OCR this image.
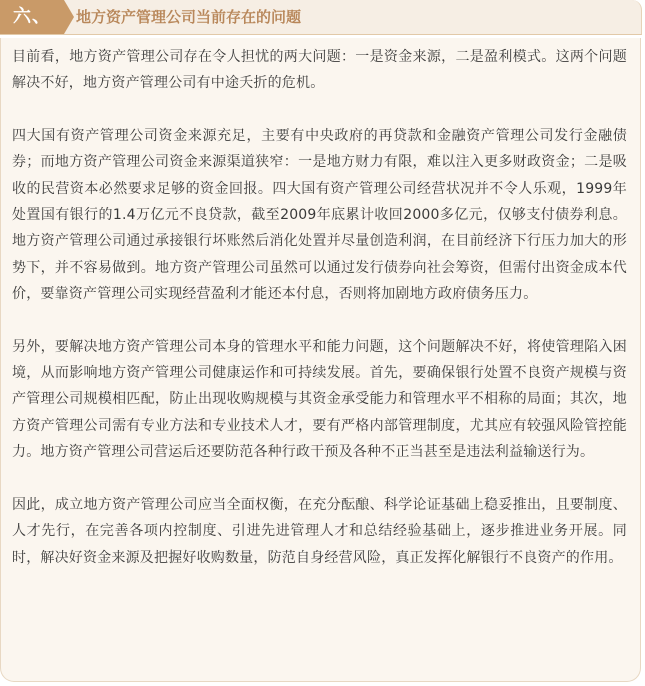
六、	地方资产管理公司当前存在的问题

目前看，地方资产管理公司存在令人担忧的两大问题：一是资金来源，二是盈利模式。这两个问题解决不好，地方资产管理公司有中途夭折的危机。

四大国有资产管理公司资金来源充足，主要有中央政府的再贷款和金融资产管理公司发行金融债券；而地方资产管理公司资金来源渠道狭窄：一是地方财力有限，难以注入更多财政资金；二是吸收的民营资本必然要求足够的资金回报。四大国有资产管理公司经营状况并不令人乐观，1999年处置国有银行的1.4万亿元不良贷款，截至2009年底累计收回2000多亿元，仅够支付债券利息。地方资产管理公司通过承接银行坏账然后消化处置并尽量创造利润，在目前经济下行压力加大的形势下，并不容易做到。地方资产管理公司虽然可以通过发行债券向社会筹资，但需付出资金成本代价，要靠资产管理公司实现经营盈利才能还本付息，否则将加剧地方政府债务压力。

另外，要解决地方资产管理公司本身的管理水平和能力问题，这个问题解决不好，将使管理陷入困境，从而影响地方资产管理公司健康运作和可持续发展。首先，要确保银行处置不良资产规模与资产管理公司规模相匹配，防止出现收购规模与其资金承受能力和管理水平不相称的局面；其次，地方资产管理公司需有专业方法和专业技术人才，要有严格内部管理制度，尤其应有较强风险管控能力。地方资产管理公司营运后还要防范各种行政干预及各种不正当甚至是违法利益输送行为。

因此，成立地方资产管理公司应当全面权衡，在充分酝酿、科学论证基础上稳妥推出，且要制度、人才先行，在完善各项内控制度、引进先进管理人才和总结经验基础上，逐步推进业务开展。同时，解决好资金来源及把握好收购数量，防范自身经营风险，真正发挥化解银行不良资产的作用。
